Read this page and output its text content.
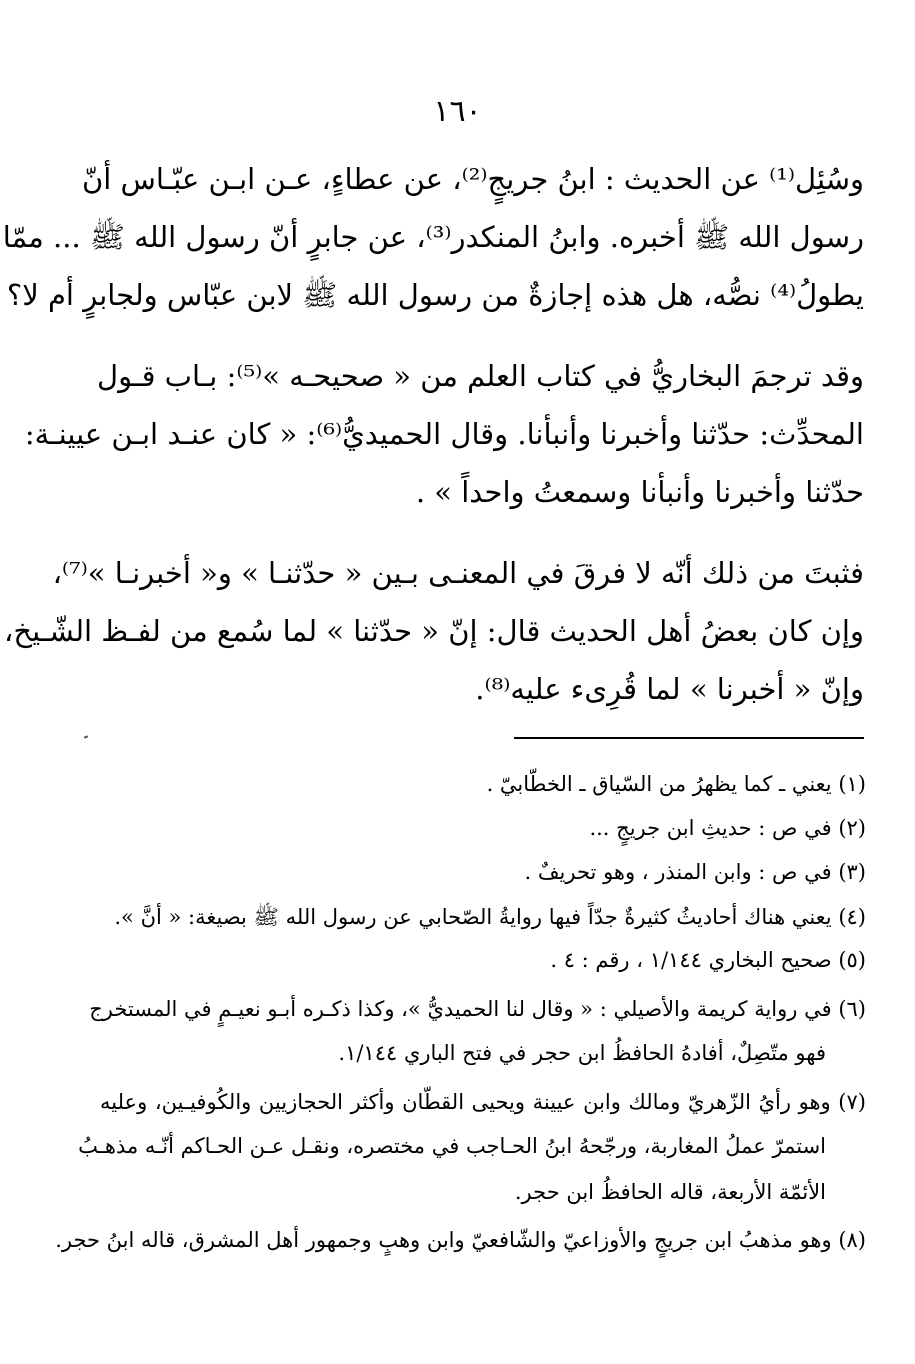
١٦٠
وسُئِل⁽¹⁾ عن الحديث : ابنُ جريجٍ⁽²⁾، عن عطاءٍ، عـن ابـن عبّـاس أنّ
رسول الله ﷺ أخبره. وابنُ المنكدر⁽³⁾، عن جابرٍ أنّ رسول الله ﷺ ... ممّا
يطولُ⁽⁴⁾ نصُّه، هل هذه إجازةٌ من رسول الله ﷺ لابن عبّاس ولجابرٍ أم لا؟
وقد ترجمَ البخاريُّ في كتاب العلم من « صحيحـه »⁽⁵⁾: بـاب قـول
المحدِّث: حدّثنا وأخبرنا وأنبأنا. وقال الحميديُّ⁽⁶⁾: « كان عنـد ابـن عيينـة:
حدّثنا وأخبرنا وأنبأنا وسمعتُ واحداً » .
فثبتَ من ذلك أنّه لا فرقَ في المعنـى بـين « حدّثنـا » و« أخبرنـا »⁽⁷⁾،
وإن كان بعضُ أهل الحديث قال: إنّ « حدّثنا » لما سُمع من لفـظ الشّـيخ،
وإنّ « أخبرنا » لما قُرِىء عليه⁽⁸⁾.
(١) يعني ـ كما يظهرُ من السّياق ـ الخطّابيّ .
(٢) في ص : حديثِ ابن جريجٍ ...
(٣) في ص : وابن المنذر ، وهو تحريفٌ .
(٤) يعني هناك أحاديثُ كثيرةٌ جدّاً فيها روايةُ الصّحابي عن رسول الله ﷺ بصيغة: « أنَّ ».
(٥) صحيح البخاري ١/١٤٤ ، رقم : ٤ .
(٦) في رواية كريمة والأصيلي : « وقال لنا الحميديُّ »، وكذا ذكـره أبـو نعيـمٍ في المستخرج
فهو متّصِلٌ، أفادهُ الحافظُ ابن حجر في فتح الباري ١/١٤٤.
(٧) وهو رأيُ الزّهريّ ومالك وابن عيينة ويحيى القطّان وأكثر الحجازيين والكُوفيـين، وعليه
استمرّ عملُ المغاربة، ورجّحهُ ابنُ الحـاجب في مختصره، ونقـل عـن الحـاكم أنّـه مذهـبُ
الأئمّة الأربعة، قاله الحافظُ ابن حجر.
(٨) وهو مذهبُ ابن جريجٍ والأوزاعيّ والشّافعيّ وابن وهبٍ وجمهور أهل المشرق، قاله ابنُ حجر.
